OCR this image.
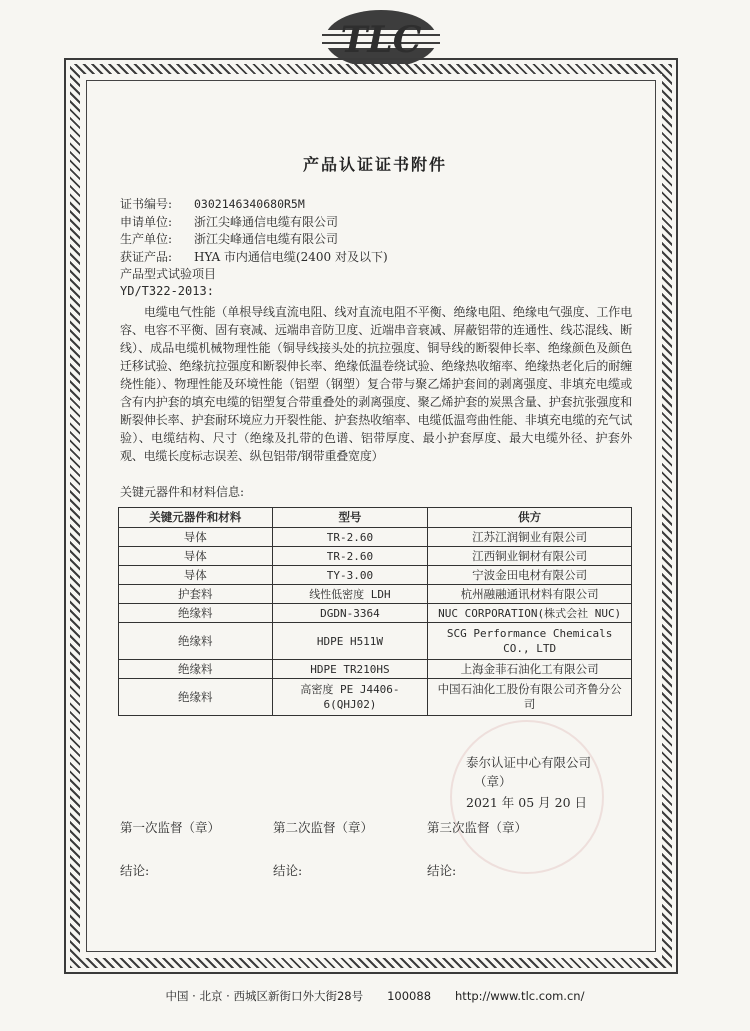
TLC
产品认证证书附件
证书编号: 0302146340680R5M
申请单位: 浙江尖峰通信电缆有限公司
生产单位: 浙江尖峰通信电缆有限公司
获证产品: HYA 市内通信电缆(2400 对及以下)
产品型式试验项目
YD/T322-2013:
电缆电气性能（单根导线直流电阻、线对直流电阻不平衡、绝缘电阻、绝缘电气强度、工作电容、电容不平衡、固有衰减、远端串音防卫度、近端串音衰减、屏蔽铝带的连通性、线芯混线、断线）、成品电缆机械物理性能（铜导线接头处的抗拉强度、铜导线的断裂伸长率、绝缘颜色及颜色迁移试验、绝缘抗拉强度和断裂伸长率、绝缘低温卷绕试验、绝缘热收缩率、绝缘热老化后的耐缠绕性能）、物理性能及环境性能（铝塑（钢塑）复合带与聚乙烯护套间的剥离强度、非填充电缆或含有内护套的填充电缆的铝塑复合带重叠处的剥离强度、聚乙烯护套的炭黑含量、护套抗张强度和断裂伸长率、护套耐环境应力开裂性能、护套热收缩率、电缆低温弯曲性能、非填充电缆的充气试验）、电缆结构、尺寸（绝缘及扎带的色谱、铝带厚度、最小护套厚度、最大电缆外径、护套外观、电缆长度标志误差、纵包铝带/钢带重叠宽度）
关键元器件和材料信息:
关键元器件和材料	型号	供方
导体	TR-2.60	江苏江润铜业有限公司
导体	TR-2.60	江西铜业铜材有限公司
导体	TY-3.00	宁波金田电材有限公司
护套料	线性低密度 LDH	杭州融融通讯材料有限公司
绝缘料	DGDN-3364	NUC CORPORATION(株式会社 NUC)
绝缘料	HDPE H511W	SCG Performance Chemicals CO., LTD
绝缘料	HDPE TR210HS	上海金菲石油化工有限公司
绝缘料	高密度 PE J4406-6(QHJ02)	中国石油化工股份有限公司齐鲁分公司
泰尔认证中心有限公司
（章）
2021 年 05 月 20 日
第一次监督（章）	第二次监督（章）	第三次监督（章）
结论:	结论:	结论:
中国 · 北京 · 西城区新街口外大街28号 100088 http://www.tlc.com.cn/
